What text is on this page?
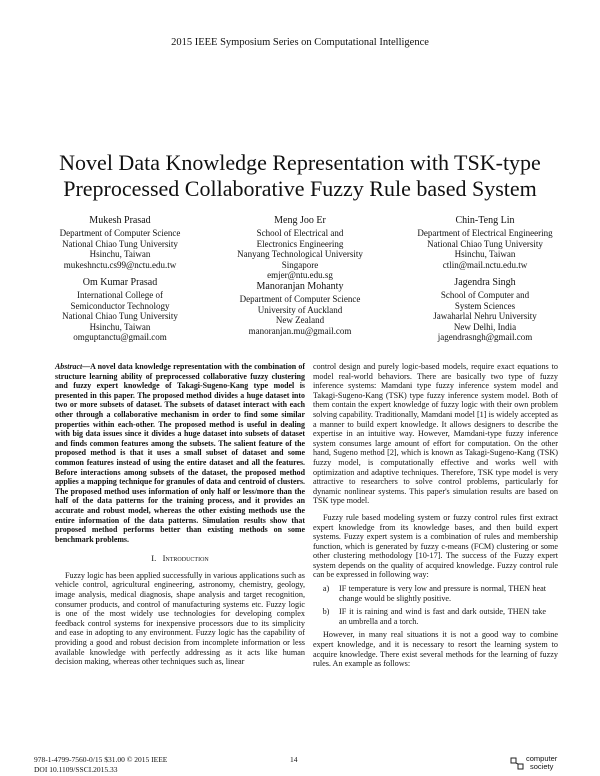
2015 IEEE Symposium Series on Computational Intelligence
Novel Data Knowledge Representation with TSK-type
Preprocessed Collaborative Fuzzy Rule based System
Mukesh Prasad
Department of Computer Science
National Chiao Tung University
Hsinchu, Taiwan
mukeshnctu.cs99@nctu.edu.tw
Meng Joo Er
School of Electrical and
Electronics Engineering
Nanyang Technological University
Singapore
emjer@ntu.edu.sg
Chin-Teng Lin
Department of Electrical Engineering
National Chiao Tung University
Hsinchu, Taiwan
ctlin@mail.nctu.edu.tw
Om Kumar Prasad
International College of
Semiconductor Technology
National Chiao Tung University
Hsinchu, Taiwan
omguptanctu@gmail.com
Manoranjan Mohanty
Department of Computer Science
University of Auckland
New Zealand
manoranjan.mu@gmail.com
Jagendra Singh
School of Computer and
System Sciences
Jawaharlal Nehru University
New Delhi, India
jagendrasngh@gmail.com
Abstract—A novel data knowledge representation with the combination of structure learning ability of preprocessed collaborative fuzzy clustering and fuzzy expert knowledge of Takagi-Sugeno-Kang type model is presented in this paper. The proposed method divides a huge dataset into two or more subsets of dataset. The subsets of dataset interact with each other through a collaborative mechanism in order to find some similar properties within each-other. The proposed method is useful in dealing with big data issues since it divides a huge dataset into subsets of dataset and finds common features among the subsets. The salient feature of the proposed method is that it uses a small subset of dataset and some common features instead of using the entire dataset and all the features. Before interactions among subsets of the dataset, the proposed method applies a mapping technique for granules of data and centroid of clusters. The proposed method uses information of only half or less/more than the half of the data patterns for the training process, and it provides an accurate and robust model, whereas the other existing methods use the entire information of the data patterns. Simulation results show that proposed method performs better than existing methods on some benchmark problems.
I. Introduction

Fuzzy logic has been applied successfully in various applications such as vehicle control, agricultural engineering, astronomy, chemistry, geology, image analysis, medical diagnosis, shape analysis and target recognition, consumer products, and control of manufacturing systems etc. Fuzzy logic is one of the most widely use technologies for developing complex feedback control systems for inexpensive processors due to its simplicity and ease in adopting to any environment. Fuzzy logic has the capability of providing a good and robust decision from incomplete information or less available knowledge with perfectly addressing as it acts like human decision making, whereas other techniques such as, linear

control design and purely logic-based models, require exact equations to model real-world behaviors. There are basically two type of fuzzy inference systems: Mamdani type fuzzy inference system model and Takagi-Sugeno-Kang (TSK) type fuzzy inference system model. Both of them contain the expert knowledge of fuzzy logic with their own problem solving capability. Traditionally, Mamdani model [1] is widely accepted as a manner to build expert knowledge. It allows designers to describe the expertise in an intuitive way. However, Mamdani-type fuzzy inference system consumes large amount of effort for computation. On the other hand, Sugeno method [2], which is known as Takagi-Sugeno-Kang (TSK) fuzzy model, is computationally effective and works well with optimization and adaptive techniques. Therefore, TSK type model is very attractive to researchers to solve control problems, particularly for dynamic nonlinear systems. This paper's simulation results are based on TSK type model.

Fuzzy rule based modeling system or fuzzy control rules first extract expert knowledge from its knowledge bases, and then build expert systems. Fuzzy expert system is a combination of rules and membership function, which is generated by fuzzy c-means (FCM) clustering or some other clustering methodology [10-17]. The success of the Fuzzy expert system depends on the quality of acquired knowledge. Fuzzy control rule can be expressed in following way:

a)	IF temperature is very low and pressure is normal, THEN heat change would be slightly positive.
b)	IF it is raining and wind is fast and dark outside, THEN take an umbrella and a torch.

However, in many real situations it is not a good way to combine expert knowledge, and it is necessary to resort the learning system to acquire knowledge. There exist several methods for the learning of fuzzy rules. An example as follows:

978-1-4799-7560-0/15 $31.00 © 2015 IEEE
DOI 10.1109/SSCI.2015.33
14	computer
society
